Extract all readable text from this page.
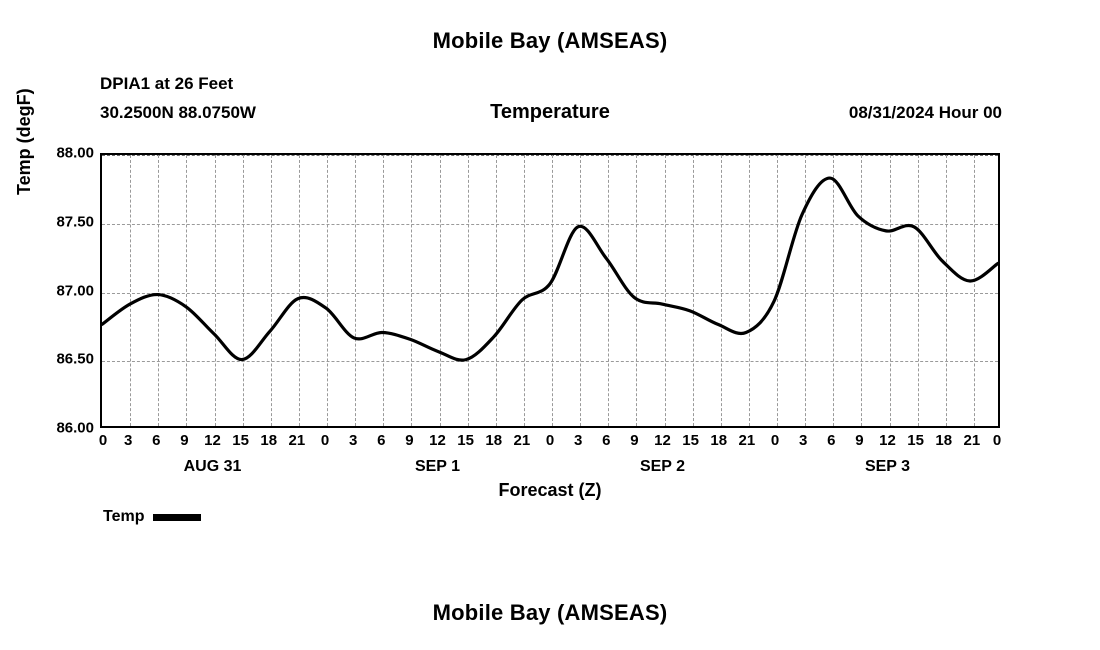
Mobile Bay (AMSEAS)
DPIA1 at 26 Feet
30.2500N 88.0750W	Temperature	08/31/2024 Hour 00
Temp (degF)
86.00
86.50
87.00
87.50
88.00
0 3 6 9 12 15 18 21 0 3 6 9 12 15 18 21 0 3 6 9 12 15 18 21 0 3 6 9 12 15 18 21 0
AUG 31	SEP 1	SEP 2	SEP 3
Forecast (Z)
Temp
Mobile Bay (AMSEAS)
